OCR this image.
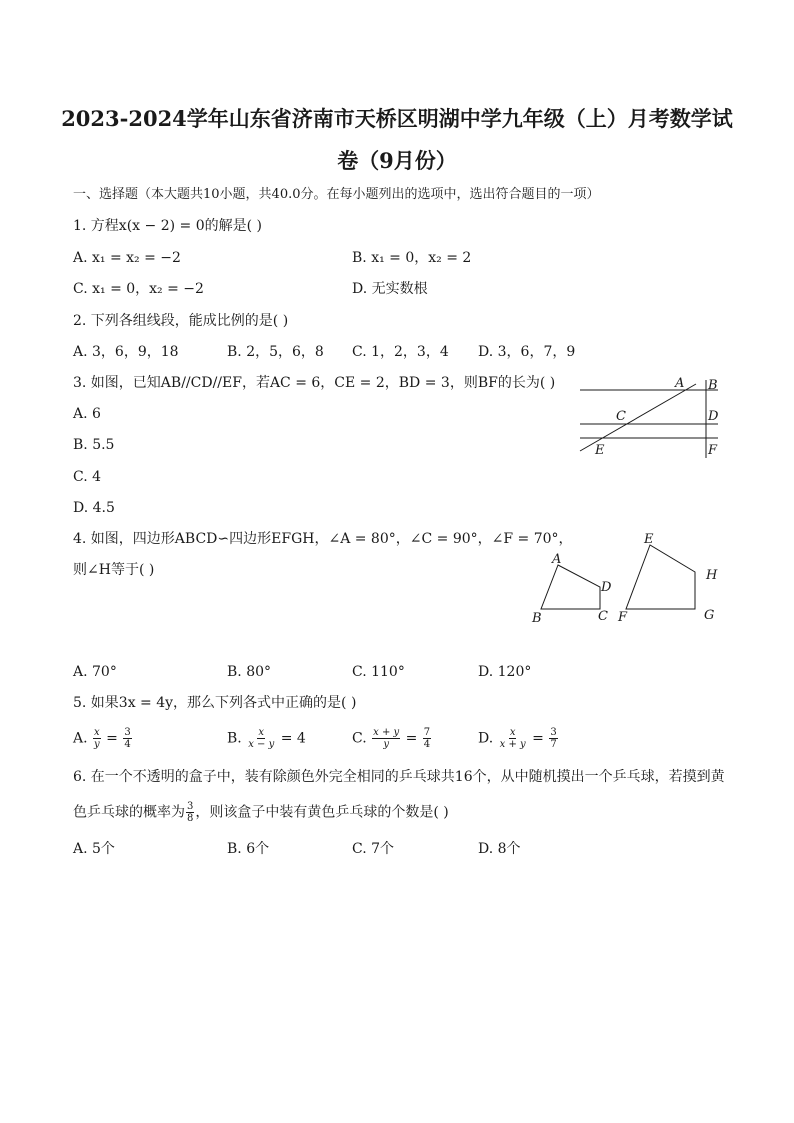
2023-2024学年山东省济南市天桥区明湖中学九年级（上）月考数学试
卷（9月份）
一、选择题（本大题共10小题，共40.0分。在每小题列出的选项中，选出符合题目的一项）
1. 方程x(x − 2) = 0的解是( )
A. x₁ = x₂ = −2	B. x₁ = 0，x₂ = 2
C. x₁ = 0，x₂ = −2	D. 无实数根
2. 下列各组线段，能成比例的是( )
A. 3，6，9，18	B. 2，5，6，8 C. 1，2，3，4 D. 3，6，7，9
3. 如图，已知AB//CD//EF，若AC = 6，CE = 2，BD = 3，则BF的长为( )
A. 6
B. 5.5
C. 4
D. 4.5
A B
C	D
E	F
4. 如图，四边形ABCD∽四边形EFGH，∠A = 80°，∠C = 90°，∠F = 70°，
则∠H等于( )
A
B	C
D
E
F	G
H
A. 70°	B. 80°	C. 110°	D. 120°
5. 如果3x = 4y，那么下列各式中正确的是( )
A. $\frac{x}{y} = \frac{3}{4}$	B. $\frac{x}{x - y} = 4$	C. $\frac{x + y}{y} = \frac{7}{4}$	D. $\frac{x}{x + y} = \frac{3}{7}$
6. 在一个不透明的盒子中，装有除颜色外完全相同的乒乓球共16个，从中随机摸出一个乒乓球，若摸到黄
色乒乓球的概率为 $\frac{3}{8}$ ，则该盒子中装有黄色乒乓球的个数是( )
A. 5个	B. 6个	C. 7个	D. 8个
